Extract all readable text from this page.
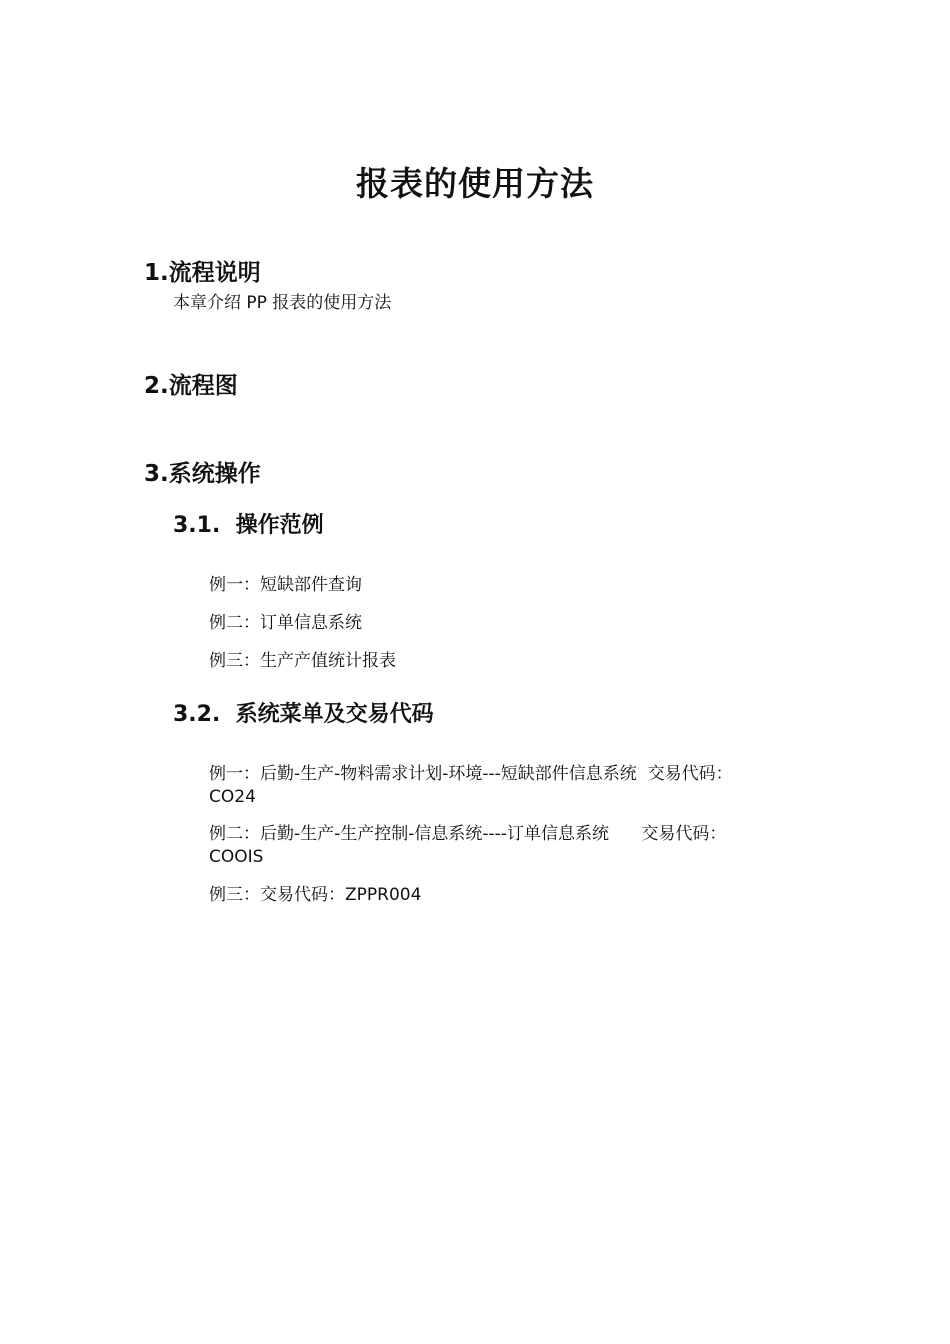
报表的使用方法
1.流程说明
本章介绍 PP 报表的使用方法
2.流程图
3.系统操作
3.1.  操作范例
例一：短缺部件查询
例二：订单信息系统
例三：生产产值统计报表
3.2.  系统菜单及交易代码
例一：后勤-生产-物料需求计划-环境---短缺部件信息系统  交易代码：
CO24
例二：后勤-生产-生产控制-信息系统----订单信息系统      交易代码：
COOIS
例三：交易代码：ZPPR004
